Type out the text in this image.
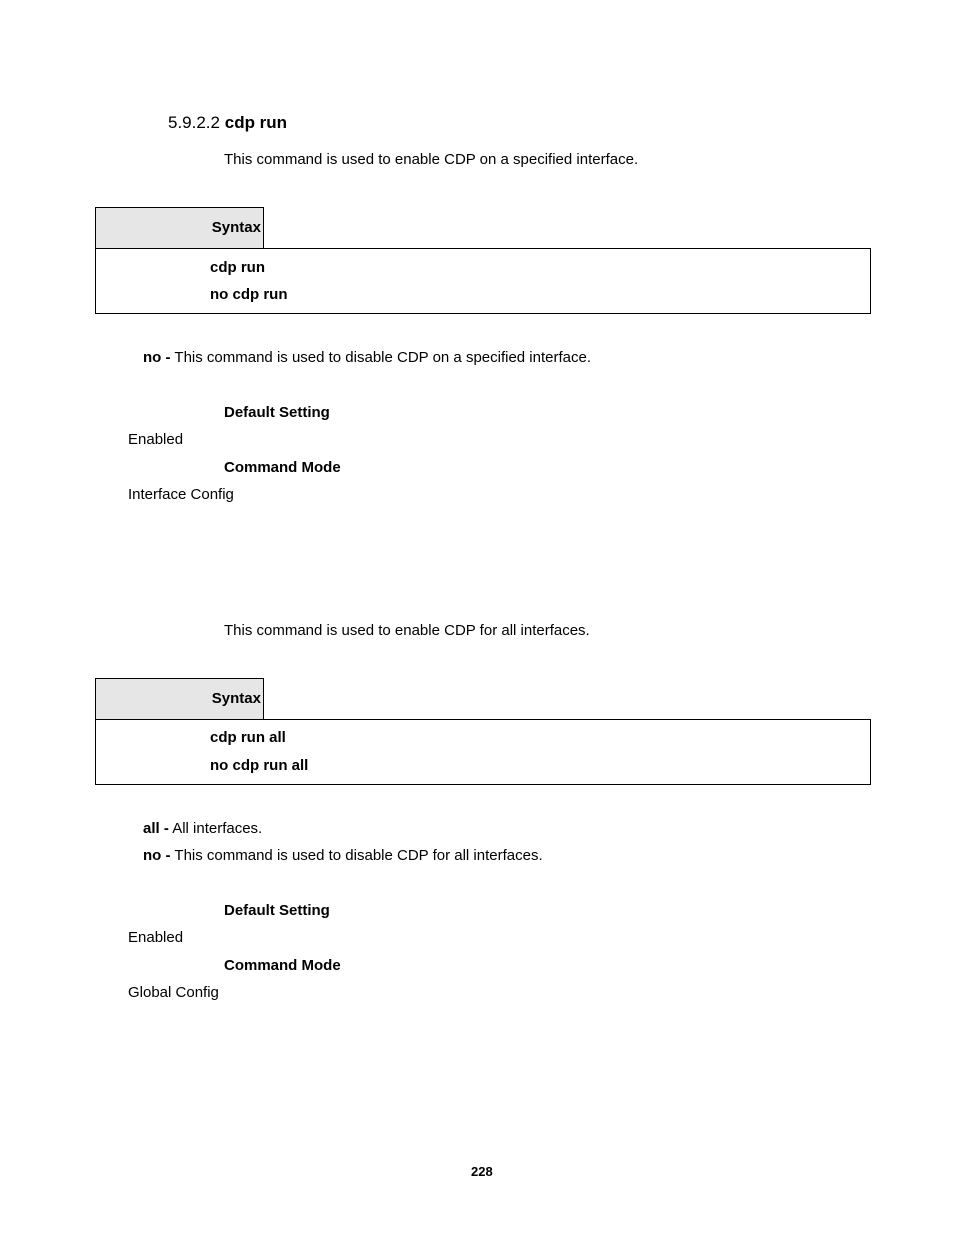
5.9.2.2 cdp run
This command is used to enable CDP on a specified interface.
Syntax
cdp run
no cdp run
no - This command is used to disable CDP on a specified interface.
Default Setting
Enabled
Command Mode
Interface Config
This command is used to enable CDP for all interfaces.
Syntax
cdp run all
no cdp run all
all - All interfaces.
no - This command is used to disable CDP for all interfaces.
Default Setting
Enabled
Command Mode
Global Config
228
